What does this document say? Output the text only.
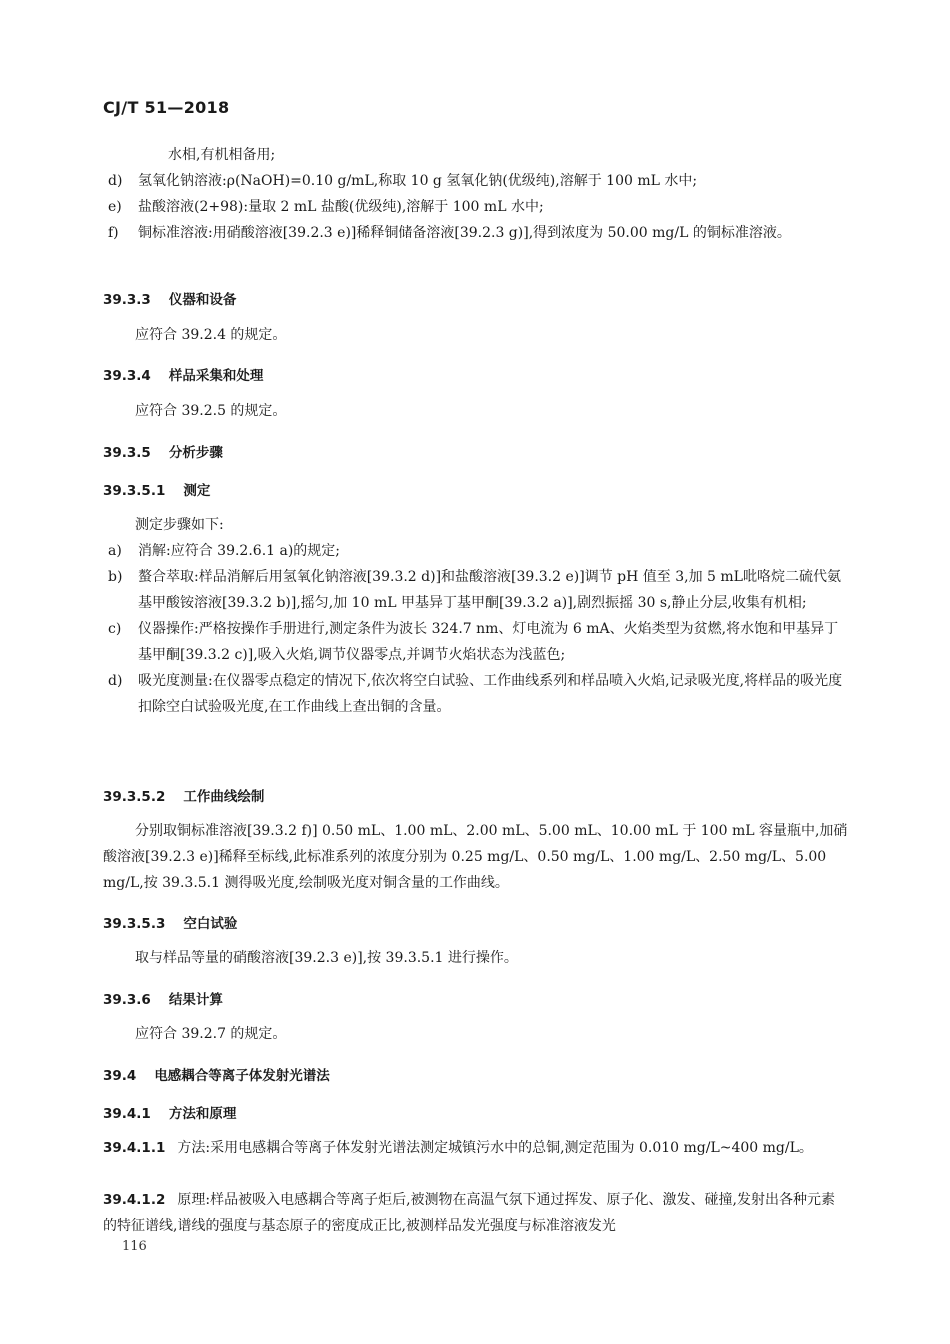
CJ/T 51—2018
水相,有机相备用;
d)	氢氧化钠溶液:ρ(NaOH)=0.10 g/mL,称取 10 g 氢氧化钠(优级纯),溶解于 100 mL 水中;
e)	盐酸溶液(2+98):量取 2 mL 盐酸(优级纯),溶解于 100 mL 水中;
f)	铜标准溶液:用硝酸溶液[39.2.3 e)]稀释铜储备溶液[39.2.3 g)],得到浓度为 50.00 mg/L 的铜标准溶液。
39.3.3 仪器和设备
应符合 39.2.4 的规定。
39.3.4 样品采集和处理
应符合 39.2.5 的规定。
39.3.5 分析步骤
39.3.5.1 测定
测定步骤如下:
a)	消解:应符合 39.2.6.1 a)的规定;
b)	螯合萃取:样品消解后用氢氧化钠溶液[39.3.2 d)]和盐酸溶液[39.3.2 e)]调节 pH 值至 3,加 5 mL吡咯烷二硫代氨基甲酸铵溶液[39.3.2 b)],摇匀,加 10 mL 甲基异丁基甲酮[39.3.2 a)],剧烈振摇 30 s,静止分层,收集有机相;
c)	仪器操作:严格按操作手册进行,测定条件为波长 324.7 nm、灯电流为 6 mA、火焰类型为贫燃,将水饱和甲基异丁基甲酮[39.3.2 c)],吸入火焰,调节仪器零点,并调节火焰状态为浅蓝色;
d)	吸光度测量:在仪器零点稳定的情况下,依次将空白试验、工作曲线系列和样品喷入火焰,记录吸光度,将样品的吸光度扣除空白试验吸光度,在工作曲线上查出铜的含量。
39.3.5.2 工作曲线绘制
分别取铜标准溶液[39.3.2 f)] 0.50 mL、1.00 mL、2.00 mL、5.00 mL、10.00 mL 于 100 mL 容量瓶中,加硝酸溶液[39.2.3 e)]稀释至标线,此标准系列的浓度分别为 0.25 mg/L、0.50 mg/L、1.00 mg/L、2.50 mg/L、5.00 mg/L,按 39.3.5.1 测得吸光度,绘制吸光度对铜含量的工作曲线。
39.3.5.3 空白试验
取与样品等量的硝酸溶液[39.2.3 e)],按 39.3.5.1 进行操作。
39.3.6 结果计算
应符合 39.2.7 的规定。
39.4 电感耦合等离子体发射光谱法
39.4.1 方法和原理
39.4.1.1 方法:采用电感耦合等离子体发射光谱法测定城镇污水中的总铜,测定范围为 0.010 mg/L~400 mg/L。
39.4.1.2 原理:样品被吸入电感耦合等离子炬后,被测物在高温气氛下通过挥发、原子化、激发、碰撞,发射出各种元素的特征谱线,谱线的强度与基态原子的密度成正比,被测样品发光强度与标准溶液发光
116
